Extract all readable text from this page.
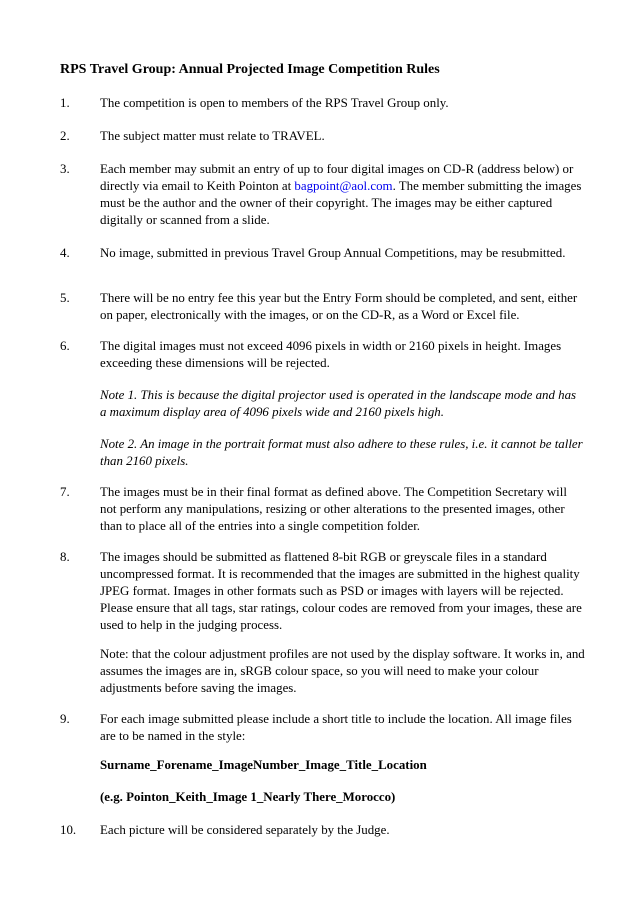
RPS Travel Group: Annual Projected Image Competition Rules
1.	The competition is open to members of the RPS Travel Group only.

2.	The subject matter must relate to TRAVEL.

3.	Each member may submit an entry of up to four digital images on CD-R (address below) or directly via email to Keith Pointon at bagpoint@aol.com. The member submitting the images must be the author and the owner of their copyright. The images may be either captured digitally or scanned from a slide.

4.	No image, submitted in previous Travel Group Annual Competitions, may be resubmitted.

5.	There will be no entry fee this year but the Entry Form should be completed, and sent, either on paper, electronically with the images, or on the CD-R, as a Word or Excel file.

6.	The digital images must not exceed 4096 pixels in width or 2160 pixels in height. Images exceeding these dimensions will be rejected.

Note 1. This is because the digital projector used is operated in the landscape mode and has a maximum display area of 4096 pixels wide and 2160 pixels high.

Note 2. An image in the portrait format must also adhere to these rules, i.e. it cannot be taller than 2160 pixels.

7.	The images must be in their final format as defined above. The Competition Secretary will not perform any manipulations, resizing or other alterations to the presented images, other than to place all of the entries into a single competition folder.

8.	The images should be submitted as flattened 8-bit RGB or greyscale files in a standard uncompressed format. It is recommended that the images are submitted in the highest quality JPEG format. Images in other formats such as PSD or images with layers will be rejected. Please ensure that all tags, star ratings, colour codes are removed from your images, these are used to help in the judging process.

Note: that the colour adjustment profiles are not used by the display software. It works in, and assumes the images are in, sRGB colour space, so you will need to make your colour adjustments before saving the images.

9.	For each image submitted please include a short title to include the location. All image files are to be named in the style:

Surname_Forename_ImageNumber_Image_Title_Location

(e.g. Pointon_Keith_Image 1_Nearly There_Morocco)

10.	Each picture will be considered separately by the Judge.
